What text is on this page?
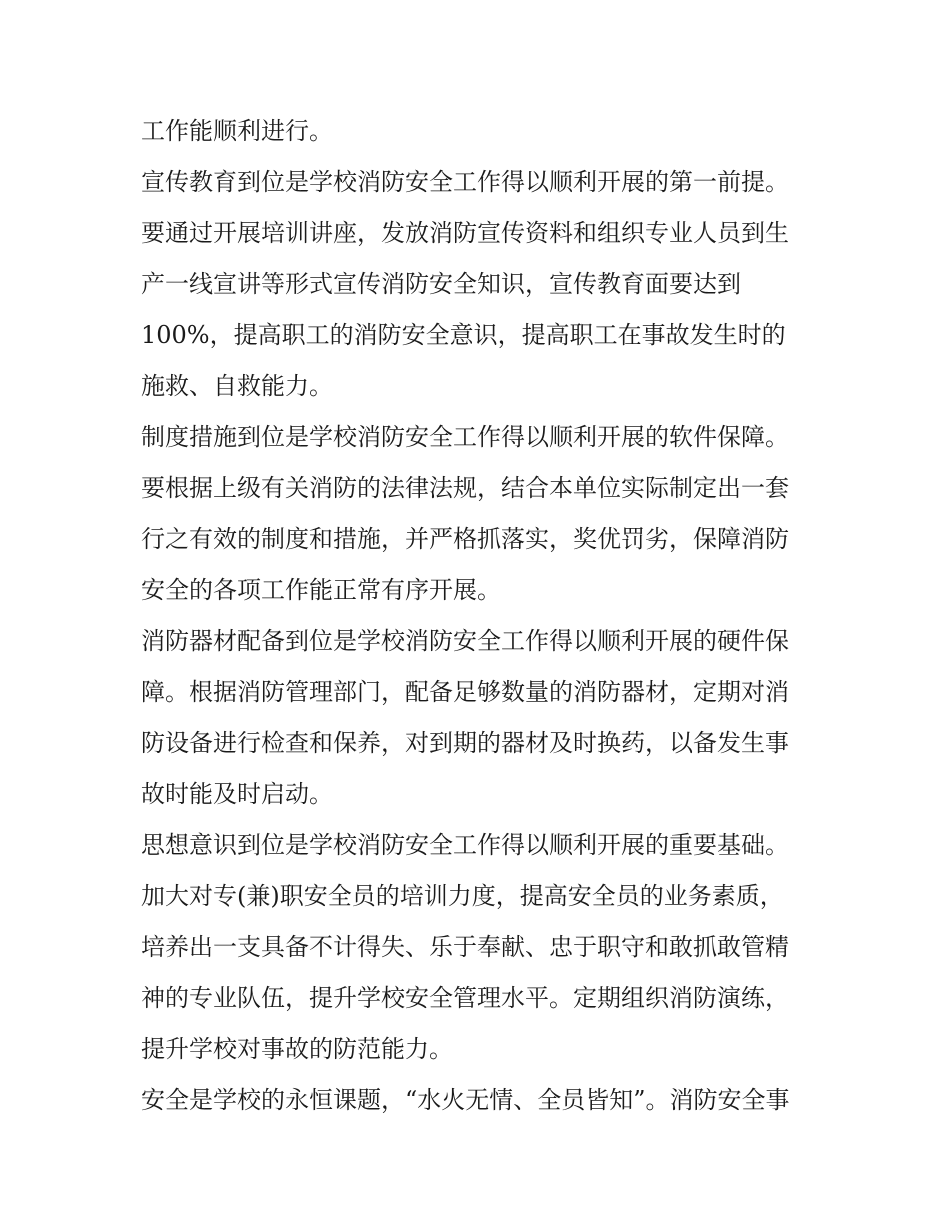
工作能顺利进行。
宣传教育到位是学校消防安全工作得以顺利开展的第一前提。
要通过开展培训讲座，发放消防宣传资料和组织专业人员到生
产一线宣讲等形式宣传消防安全知识，宣传教育面要达到
100%，提高职工的消防安全意识，提高职工在事故发生时的
施救、自救能力。
制度措施到位是学校消防安全工作得以顺利开展的软件保障。
要根据上级有关消防的法律法规，结合本单位实际制定出一套
行之有效的制度和措施，并严格抓落实，奖优罚劣，保障消防
安全的各项工作能正常有序开展。
消防器材配备到位是学校消防安全工作得以顺利开展的硬件保
障。根据消防管理部门，配备足够数量的消防器材，定期对消
防设备进行检查和保养，对到期的器材及时换药，以备发生事
故时能及时启动。
思想意识到位是学校消防安全工作得以顺利开展的重要基础。
加大对专(兼)职安全员的培训力度，提高安全员的业务素质，
培养出一支具备不计得失、乐于奉献、忠于职守和敢抓敢管精
神的专业队伍，提升学校安全管理水平。定期组织消防演练，
提升学校对事故的防范能力。
安全是学校的永恒课题，“水火无情、全员皆知”。消防安全事
